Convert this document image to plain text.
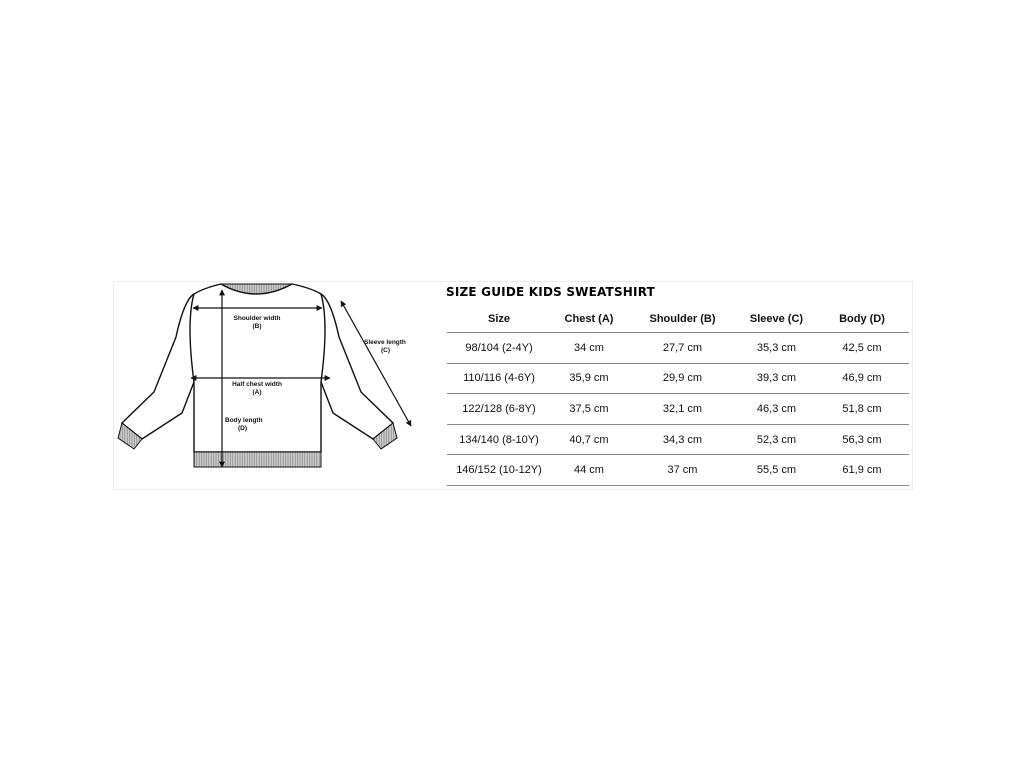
Shoulder width
(B)
Half chest width
(A)
Body length
(D)
Sleeve length
(C)
SIZE GUIDE KIDS SWEATSHIRT
Size	Chest (A)	Shoulder (B)	Sleeve (C)	Body (D)
98/104 (2-4Y)	34 cm	27,7 cm	35,3 cm	42,5 cm
110/116 (4-6Y)	35,9 cm	29,9 cm	39,3 cm	46,9 cm
122/128 (6-8Y)	37,5 cm	32,1 cm	46,3 cm	51,8 cm
134/140 (8-10Y)	40,7 cm	34,3 cm	52,3 cm	56,3 cm
146/152 (10-12Y)	44 cm	37 cm	55,5 cm	61,9 cm
